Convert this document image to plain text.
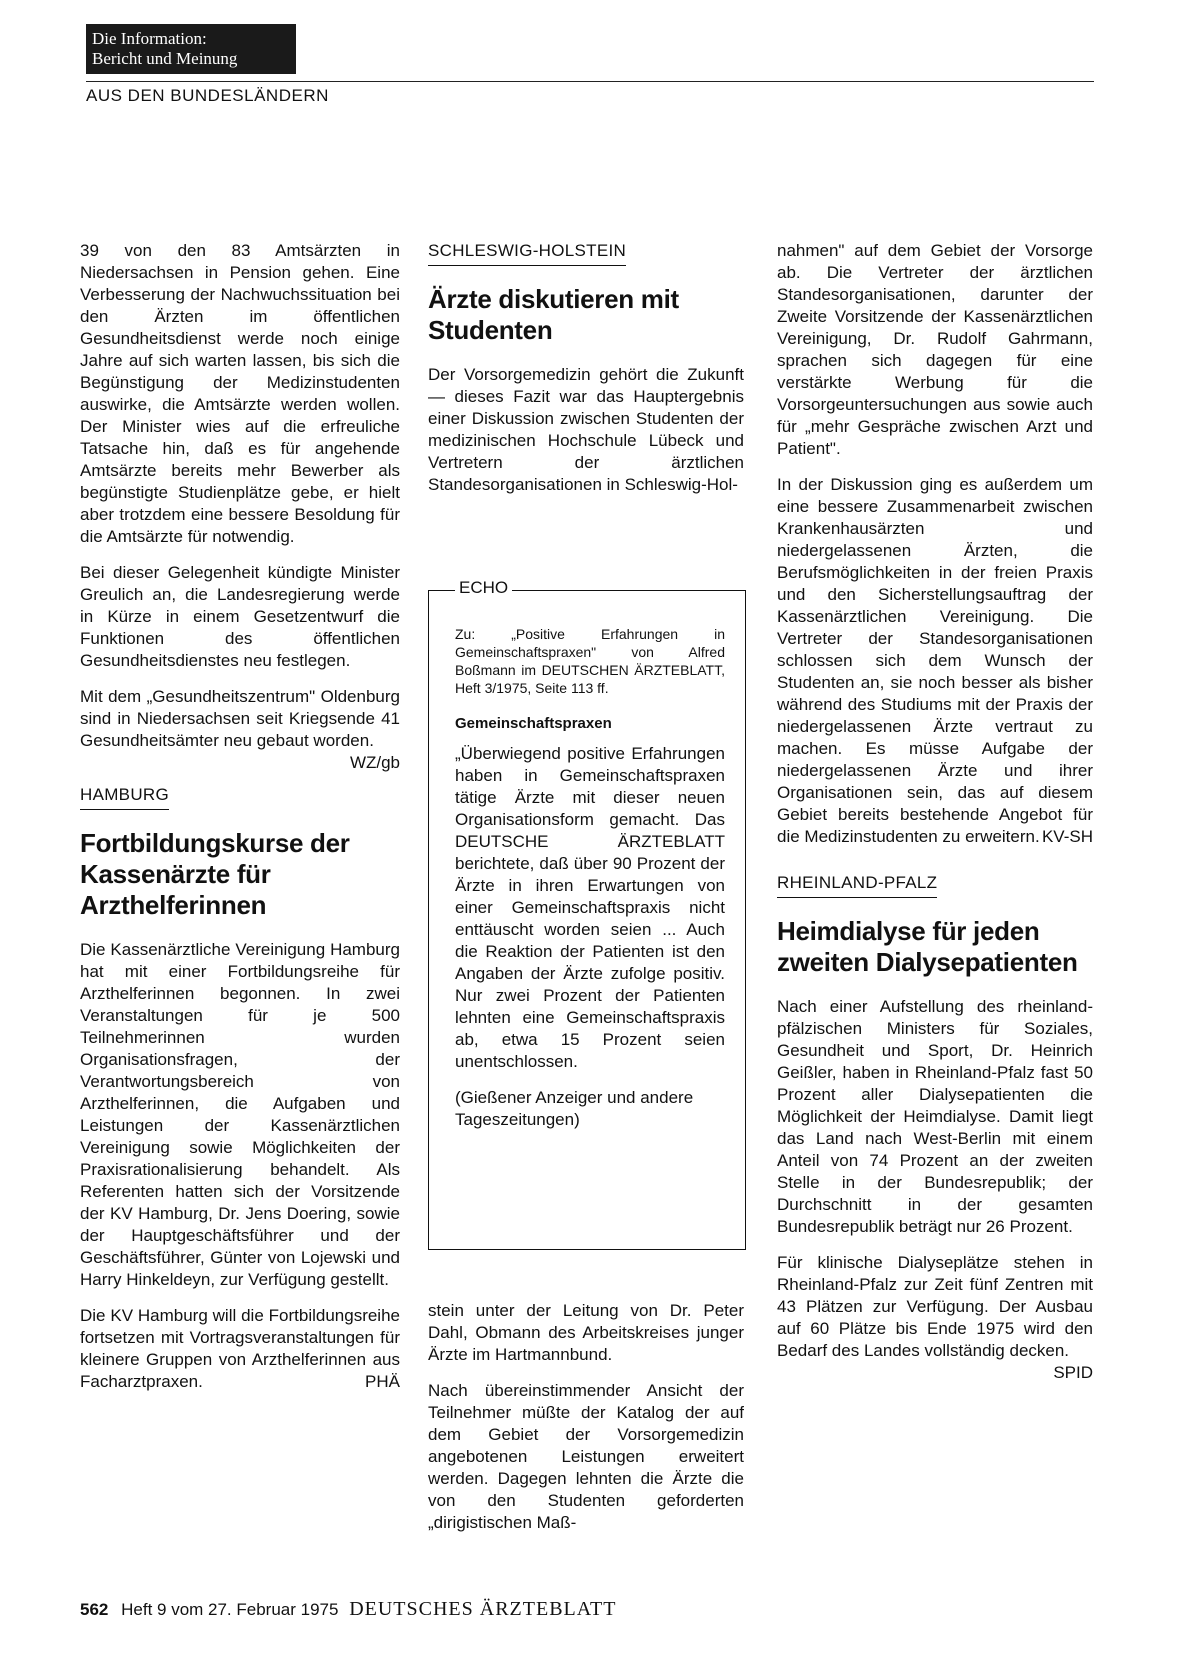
Die Information:
Bericht und Meinung
AUS DEN BUNDESLÄNDERN

39 von den 83 Amtsärzten in Niedersachsen in Pension gehen. Eine Verbesserung der Nachwuchssituation bei den Ärzten im öffentlichen Gesundheitsdienst werde noch einige Jahre auf sich warten lassen, bis sich die Begünstigung der Medizinstudenten auswirke, die Amtsärzte werden wollen. Der Minister wies auf die erfreuliche Tatsache hin, daß es für angehende Amtsärzte bereits mehr Bewerber als begünstigte Studienplätze gebe, er hielt aber trotzdem eine bessere Besoldung für die Amtsärzte für notwendig.

Bei dieser Gelegenheit kündigte Minister Greulich an, die Landesregierung werde in Kürze in einem Gesetzentwurf die Funktionen des öffentlichen Gesundheitsdienstes neu festlegen.

Mit dem „Gesundheitszentrum" Oldenburg sind in Niedersachsen seit Kriegsende 41 Gesundheitsämter neu gebaut worden.
WZ/gb

HAMBURG
Fortbildungskurse der Kassenärzte für Arzthelferinnen

Die Kassenärztliche Vereinigung Hamburg hat mit einer Fortbildungsreihe für Arzthelferinnen begonnen. In zwei Veranstaltungen für je 500 Teilnehmerinnen wurden Organisationsfragen, der Verantwortungsbereich von Arzthelferinnen, die Aufgaben und Leistungen der Kassenärztlichen Vereinigung sowie Möglichkeiten der Praxisrationalisierung behandelt. Als Referenten hatten sich der Vorsitzende der KV Hamburg, Dr. Jens Doering, sowie der Hauptgeschäftsführer und der Geschäftsführer, Günter von Lojewski und Harry Hinkeldeyn, zur Verfügung gestellt.

Die KV Hamburg will die Fortbildungsreihe fortsetzen mit Vortragsveranstaltungen für kleinere Gruppen von Arzthelferinnen aus Facharztpraxen.	PHÄ

SCHLESWIG-HOLSTEIN
Ärzte diskutieren mit Studenten

Der Vorsorgemedizin gehört die Zukunft — dieses Fazit war das Hauptergebnis einer Diskussion zwischen Studenten der medizinischen Hochschule Lübeck und Vertretern der ärztlichen Standesorganisationen in Schleswig-Hol-

ECHO
Zu: „Positive Erfahrungen in Gemeinschaftspraxen" von Alfred Boßmann im DEUTSCHEN ÄRZTEBLATT, Heft 3/1975, Seite 113 ff.
Gemeinschaftspraxen

„Überwiegend positive Erfahrungen haben in Gemeinschaftspraxen tätige Ärzte mit dieser neuen Organisationsform gemacht. Das DEUTSCHE ÄRZTEBLATT berichtete, daß über 90 Prozent der Ärzte in ihren Erwartungen von einer Gemeinschaftspraxis nicht enttäuscht worden seien ... Auch die Reaktion der Patienten ist den Angaben der Ärzte zufolge positiv. Nur zwei Prozent der Patienten lehnten eine Gemeinschaftspraxis ab, etwa 15 Prozent seien unentschlossen.

(Gießener Anzeiger und andere Tageszeitungen)

stein unter der Leitung von Dr. Peter Dahl, Obmann des Arbeitskreises junger Ärzte im Hartmannbund.

Nach übereinstimmender Ansicht der Teilnehmer müßte der Katalog der auf dem Gebiet der Vorsorgemedizin angebotenen Leistungen erweitert werden. Dagegen lehnten die Ärzte die von den Studenten geforderten „dirigistischen Maß-

nahmen" auf dem Gebiet der Vorsorge ab. Die Vertreter der ärztlichen Standesorganisationen, darunter der Zweite Vorsitzende der Kassenärztlichen Vereinigung, Dr. Rudolf Gahrmann, sprachen sich dagegen für eine verstärkte Werbung für die Vorsorgeuntersuchungen aus sowie auch für „mehr Gespräche zwischen Arzt und Patient".

In der Diskussion ging es außerdem um eine bessere Zusammenarbeit zwischen Krankenhausärzten und niedergelassenen Ärzten, die Berufsmöglichkeiten in der freien Praxis und den Sicherstellungsauftrag der Kassenärztlichen Vereinigung. Die Vertreter der Standesorganisationen schlossen sich dem Wunsch der Studenten an, sie noch besser als bisher während des Studiums mit der Praxis der niedergelassenen Ärzte vertraut zu machen. Es müsse Aufgabe der niedergelassenen Ärzte und ihrer Organisationen sein, das auf diesem Gebiet bereits bestehende Angebot für die Medizinstudenten zu erweitern. KV-SH

RHEINLAND-PFALZ
Heimdialyse für jeden zweiten Dialysepatienten

Nach einer Aufstellung des rheinland-pfälzischen Ministers für Soziales, Gesundheit und Sport, Dr. Heinrich Geißler, haben in Rheinland-Pfalz fast 50 Prozent aller Dialysepatienten die Möglichkeit der Heimdialyse. Damit liegt das Land nach West-Berlin mit einem Anteil von 74 Prozent an der zweiten Stelle in der Bundesrepublik; der Durchschnitt in der gesamten Bundesrepublik beträgt nur 26 Prozent.

Für klinische Dialyseplätze stehen in Rheinland-Pfalz zur Zeit fünf Zentren mit 43 Plätzen zur Verfügung. Der Ausbau auf 60 Plätze bis Ende 1975 wird den Bedarf des Landes vollständig decken.
SPID

562 Heft 9 vom 27. Februar 1975 DEUTSCHES ÄRZTEBLATT
